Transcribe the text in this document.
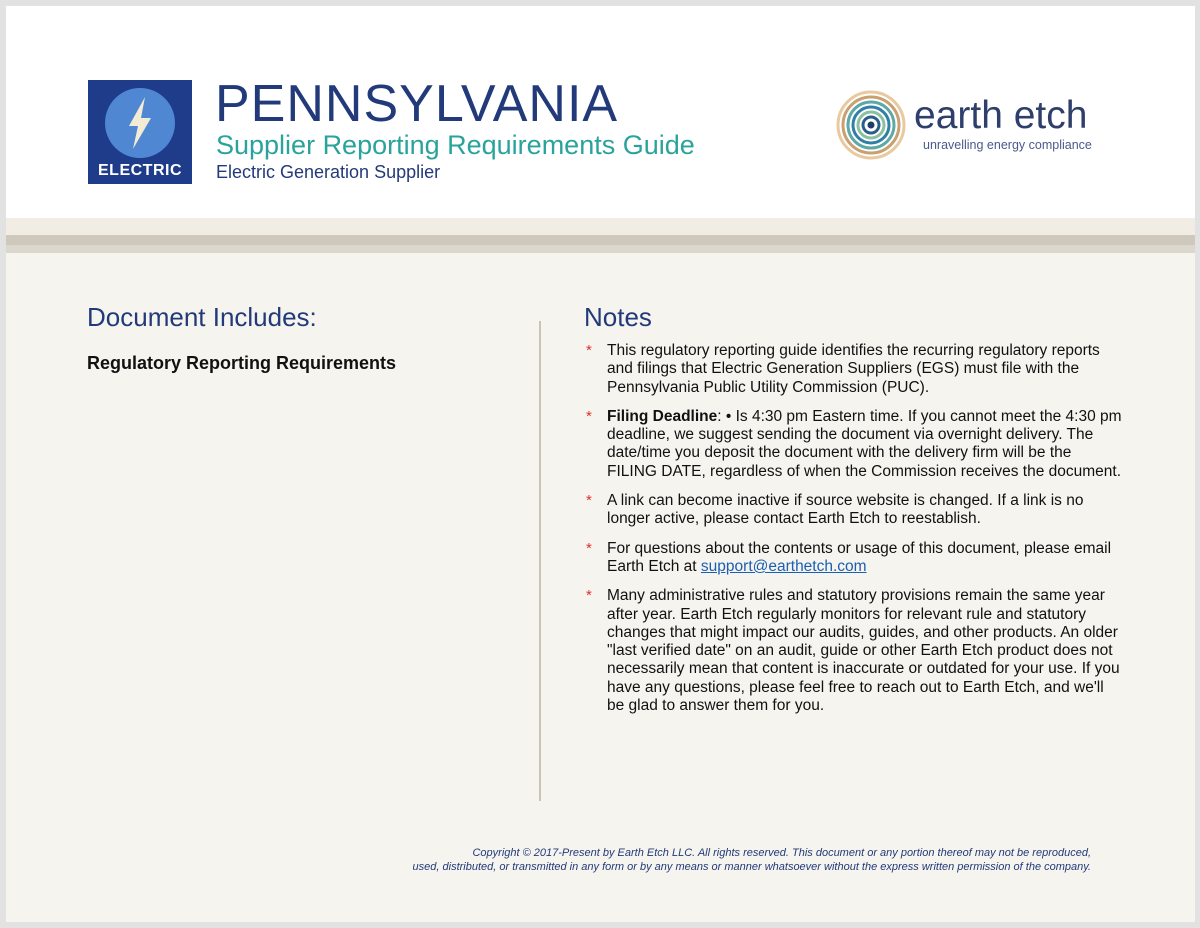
ELECTRIC
PENNSYLVANIA
Supplier Reporting Requirements Guide
Electric Generation Supplier
earth etch
unravelling energy compliance
Document Includes:
Regulatory Reporting Requirements
Notes
* This regulatory reporting guide identifies the recurring regulatory reports and filings that Electric Generation Suppliers (EGS) must file with the Pennsylvania Public Utility Commission (PUC).
* Filing Deadline: • Is 4:30 pm Eastern time. If you cannot meet the 4:30 pm deadline, we suggest sending the document via overnight delivery. The date/time you deposit the document with the delivery firm will be the FILING DATE, regardless of when the Commission receives the document.
* A link can become inactive if source website is changed. If a link is no longer active, please contact Earth Etch to reestablish.
* For questions about the contents or usage of this document, please email Earth Etch at support@earthetch.com
* Many administrative rules and statutory provisions remain the same year after year. Earth Etch regularly monitors for relevant rule and statutory changes that might impact our audits, guides, and other products. An older "last verified date" on an audit, guide or other Earth Etch product does not necessarily mean that content is inaccurate or outdated for your use. If you have any questions, please feel free to reach out to Earth Etch, and we'll be glad to answer them for you.
Copyright © 2017-Present by Earth Etch LLC. All rights reserved. This document or any portion thereof may not be reproduced,
used, distributed, or transmitted in any form or by any means or manner whatsoever without the express written permission of the company.
